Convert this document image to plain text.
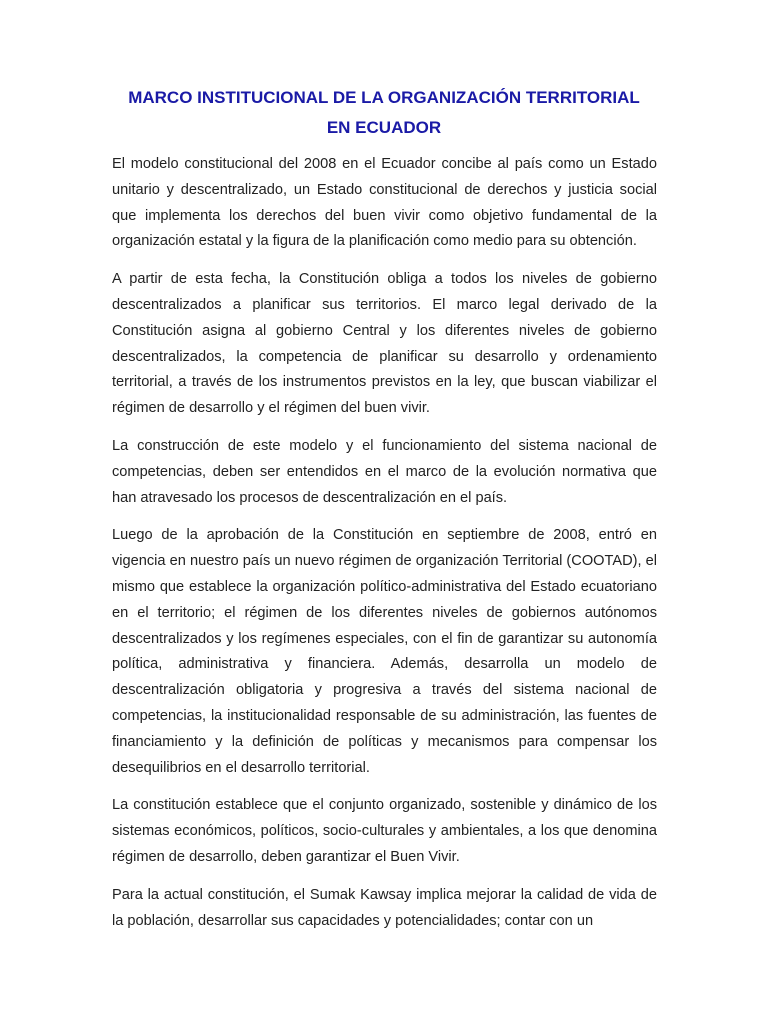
MARCO INSTITUCIONAL DE LA ORGANIZACIÓN TERRITORIAL
EN ECUADOR

El modelo constitucional del 2008 en el Ecuador concibe al país como un Estado unitario y descentralizado, un Estado constitucional de derechos y justicia social que implementa los derechos del buen vivir como objetivo fundamental de la organización estatal y la figura de la planificación como medio para su obtención.

A partir de esta fecha, la Constitución obliga a todos los niveles de gobierno descentralizados a planificar sus territorios. El marco legal derivado de la Constitución asigna al gobierno Central y los diferentes niveles de gobierno descentralizados, la competencia de planificar su desarrollo y ordenamiento territorial, a través de los instrumentos previstos en la ley, que buscan viabilizar el régimen de desarrollo y el régimen del buen vivir.

La construcción de este modelo y el funcionamiento del sistema nacional de competencias, deben ser entendidos en el marco de la evolución normativa que han atravesado los procesos de descentralización en el país.

Luego de la aprobación de la Constitución en septiembre de 2008, entró en vigencia en nuestro país un nuevo régimen de organización Territorial (COOTAD), el mismo que establece la organización político-administrativa del Estado ecuatoriano en el territorio; el régimen de los diferentes niveles de gobiernos autónomos descentralizados y los regímenes especiales, con el fin de garantizar su autonomía política, administrativa y financiera. Además, desarrolla un modelo de descentralización obligatoria y progresiva a través del sistema nacional de competencias, la institucionalidad responsable de su administración, las fuentes de financiamiento y la definición de políticas y mecanismos para compensar los desequilibrios en el desarrollo territorial.

La constitución establece que el conjunto organizado, sostenible y dinámico de los sistemas económicos, políticos, socio-culturales y ambientales, a los que denomina régimen de desarrollo, deben garantizar el Buen Vivir.

Para la actual constitución, el Sumak Kawsay implica mejorar la calidad de vida de la población, desarrollar sus capacidades y potencialidades; contar con un
